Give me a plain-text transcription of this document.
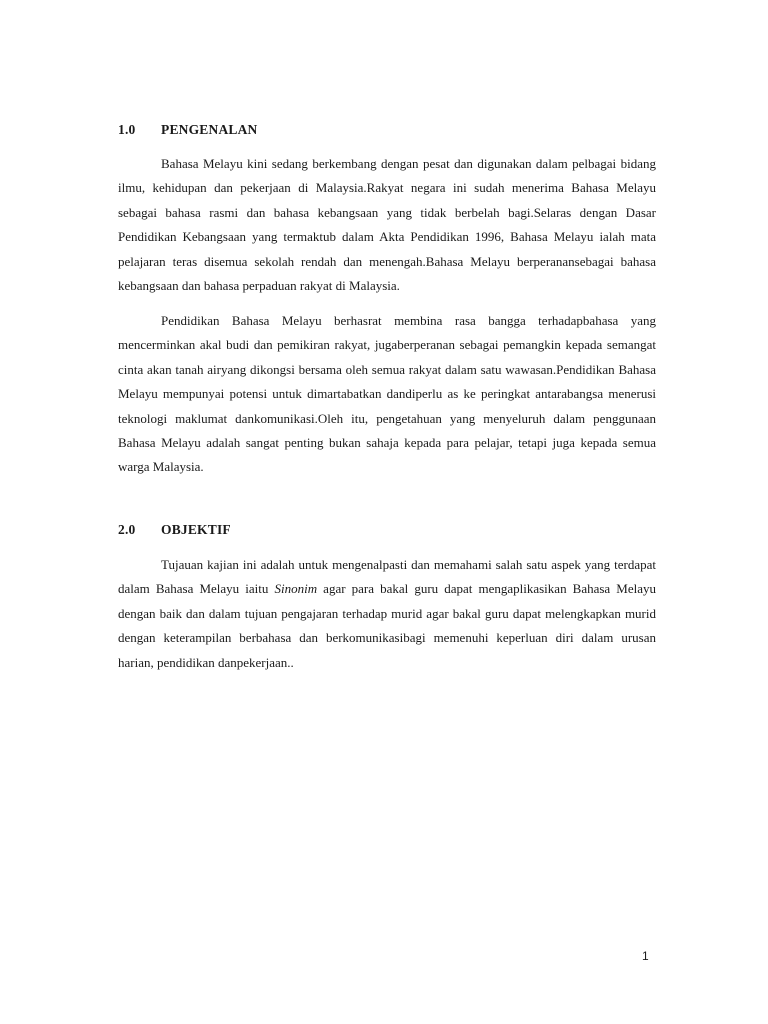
1.0 PENGENALAN
Bahasa Melayu kini sedang berkembang dengan pesat dan digunakan dalam pelbagai bidang
ilmu, kehidupan dan pekerjaan di Malaysia.Rakyat negara ini sudah menerima Bahasa Melayu
sebagai bahasa rasmi dan bahasa kebangsaan yang tidak berbelah bagi.Selaras dengan Dasar
Pendidikan Kebangsaan yang termaktub dalam Akta Pendidikan 1996, Bahasa Melayu ialah mata
pelajaran teras disemua sekolah rendah dan menengah.Bahasa Melayu berperanansebagai bahasa
kebangsaan dan bahasa perpaduan rakyat di Malaysia.
Pendidikan Bahasa Melayu berhasrat membina rasa bangga terhadapbahasa yang
mencerminkan akal budi dan pemikiran rakyat, jugaberperanan sebagai pemangkin kepada semangat
cinta akan tanah airyang dikongsi bersama oleh semua rakyat dalam satu wawasan.Pendidikan Bahasa
Melayu mempunyai potensi untuk dimartabatkan dandiperlu as ke peringkat antarabangsa menerusi
teknologi maklumat dankomunikasi.Oleh itu, pengetahuan yang menyeluruh dalam penggunaan
Bahasa Melayu adalah sangat penting bukan sahaja kepada para pelajar, tetapi juga kepada semua
warga Malaysia.
2.0 OBJEKTIF
Tujauan kajian ini adalah untuk mengenalpasti dan memahami salah satu aspek yang terdapat
dalam Bahasa Melayu iaitu Sinonim agar para bakal guru dapat mengaplikasikan Bahasa Melayu
dengan baik dan dalam tujuan pengajaran terhadap murid agar bakal guru dapat melengkapkan murid
dengan keterampilan berbahasa dan berkomunikasibagi memenuhi keperluan diri dalam urusan
harian, pendidikan danpekerjaan..
1
